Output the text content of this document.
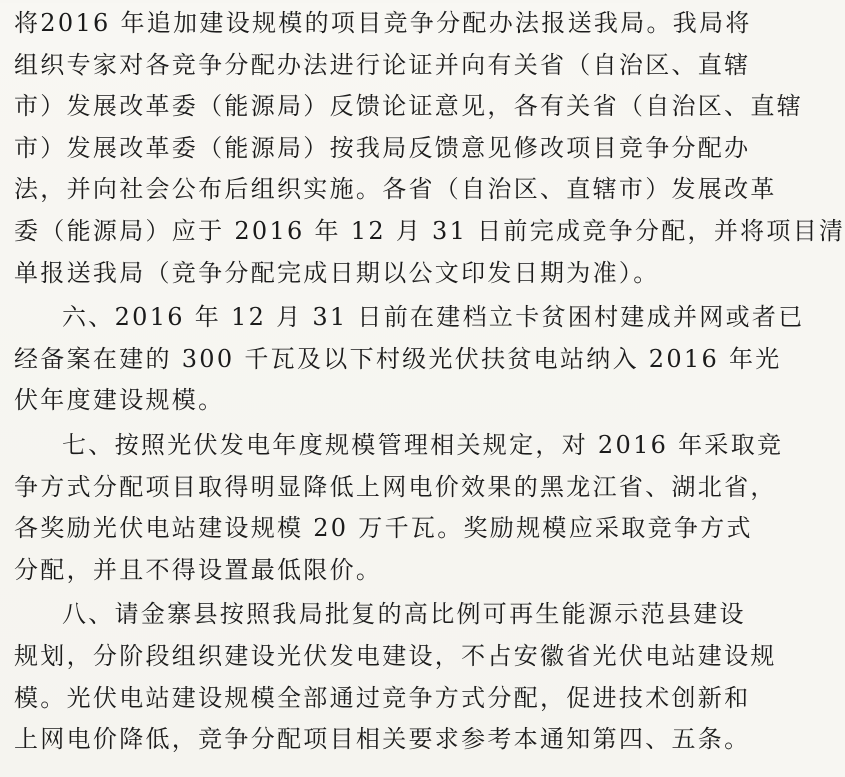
将2016 年追加建设规模的项目竞争分配办法报送我局。我局将
组织专家对各竞争分配办法进行论证并向有关省（自治区、直辖
市）发展改革委（能源局）反馈论证意见，各有关省（自治区、直辖
市）发展改革委（能源局）按我局反馈意见修改项目竞争分配办
法，并向社会公布后组织实施。各省（自治区、直辖市）发展改革
委（能源局）应于 2016 年 12 月 31 日前完成竞争分配，并将项目清
单报送我局（竞争分配完成日期以公文印发日期为准）。
六、2016 年 12 月 31 日前在建档立卡贫困村建成并网或者已
经备案在建的 300 千瓦及以下村级光伏扶贫电站纳入 2016 年光
伏年度建设规模。
七、按照光伏发电年度规模管理相关规定，对 2016 年采取竞
争方式分配项目取得明显降低上网电价效果的黑龙江省、湖北省，
各奖励光伏电站建设规模 20 万千瓦。奖励规模应采取竞争方式
分配，并且不得设置最低限价。
八、请金寨县按照我局批复的高比例可再生能源示范县建设
规划，分阶段组织建设光伏发电建设，不占安徽省光伏电站建设规
模。光伏电站建设规模全部通过竞争方式分配，促进技术创新和
上网电价降低，竞争分配项目相关要求参考本通知第四、五条。
